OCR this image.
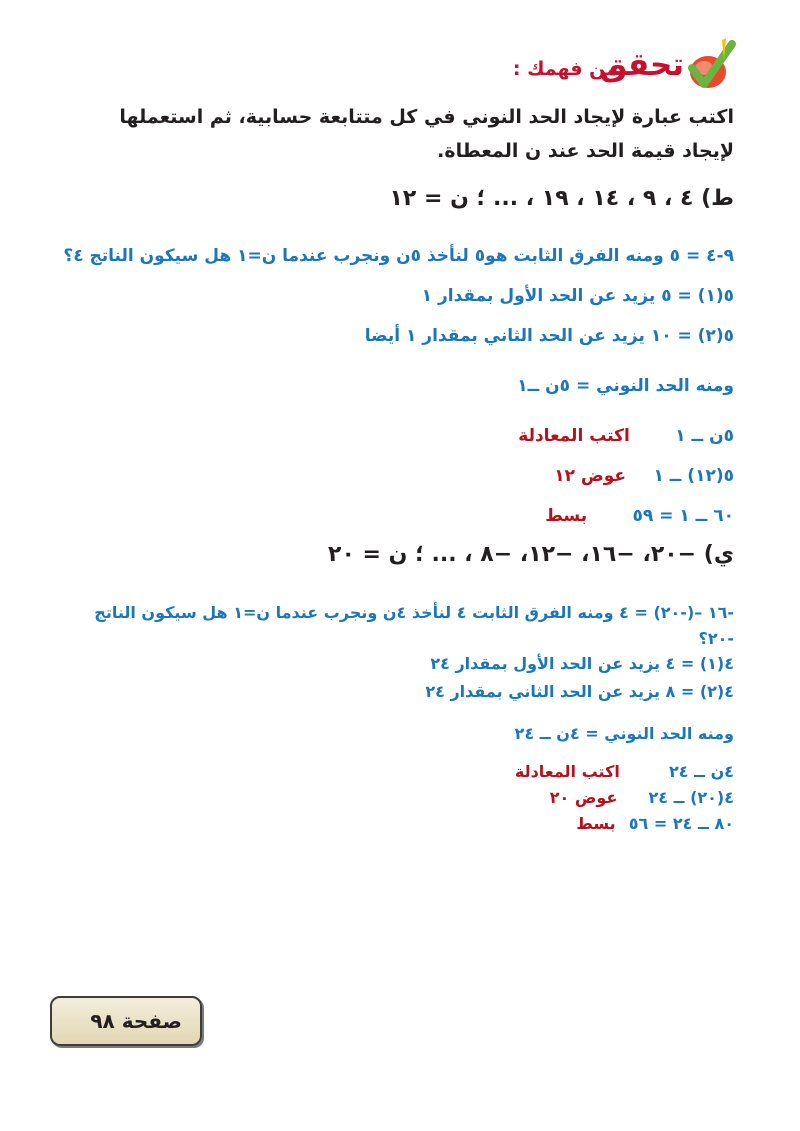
تحقق
من فهمك :
اكتب عبارة لإيجاد الحد النوني في كل متتابعة حسابية، ثم استعملها لإيجاد قيمة الحد عند ن المعطاة.
ط) ٤ ، ٩ ، ١٤ ، ١٩ ، ... ؛ ن = ١٢
٩-٤ = ٥ ومنه الفرق الثابت هو٥ لنأخذ ٥ن ونجرب عندما ن=١ هل سيكون الناتج ٤؟
٥(١) = ٥ يزيد عن الحد الأول بمقدار ١
٥(٢) = ١٠ يزيد عن الحد الثاني بمقدار ١ أيضا
ومنه الحد النوني = ٥ن ــ١
٥ن ــ ١ اكتب المعادلة
٥(١٢) ــ ١ عوض ١٢
٦٠ ــ ١ = ٥٩ بسط
ي) −٢٠، −١٦، −١٢، −٨ ، ... ؛ ن = ٢٠
-١٦ –(-٢٠) = ٤ ومنه الفرق الثابت ٤ لنأخذ ٤ن ونجرب عندما ن=١ هل سيكون الناتج -٢٠؟
٤(١) = ٤ يزيد عن الحد الأول بمقدار ٢٤
٤(٢) = ٨ يزيد عن الحد الثاني بمقدار ٢٤
ومنه الحد النوني = ٤ن ــ ٢٤
٤ن ــ ٢٤ اكتب المعادلة
٤(٢٠) ــ ٢٤ عوض ٢٠
٨٠ ــ ٢٤ = ٥٦ بسط
صفحة ٩٨
